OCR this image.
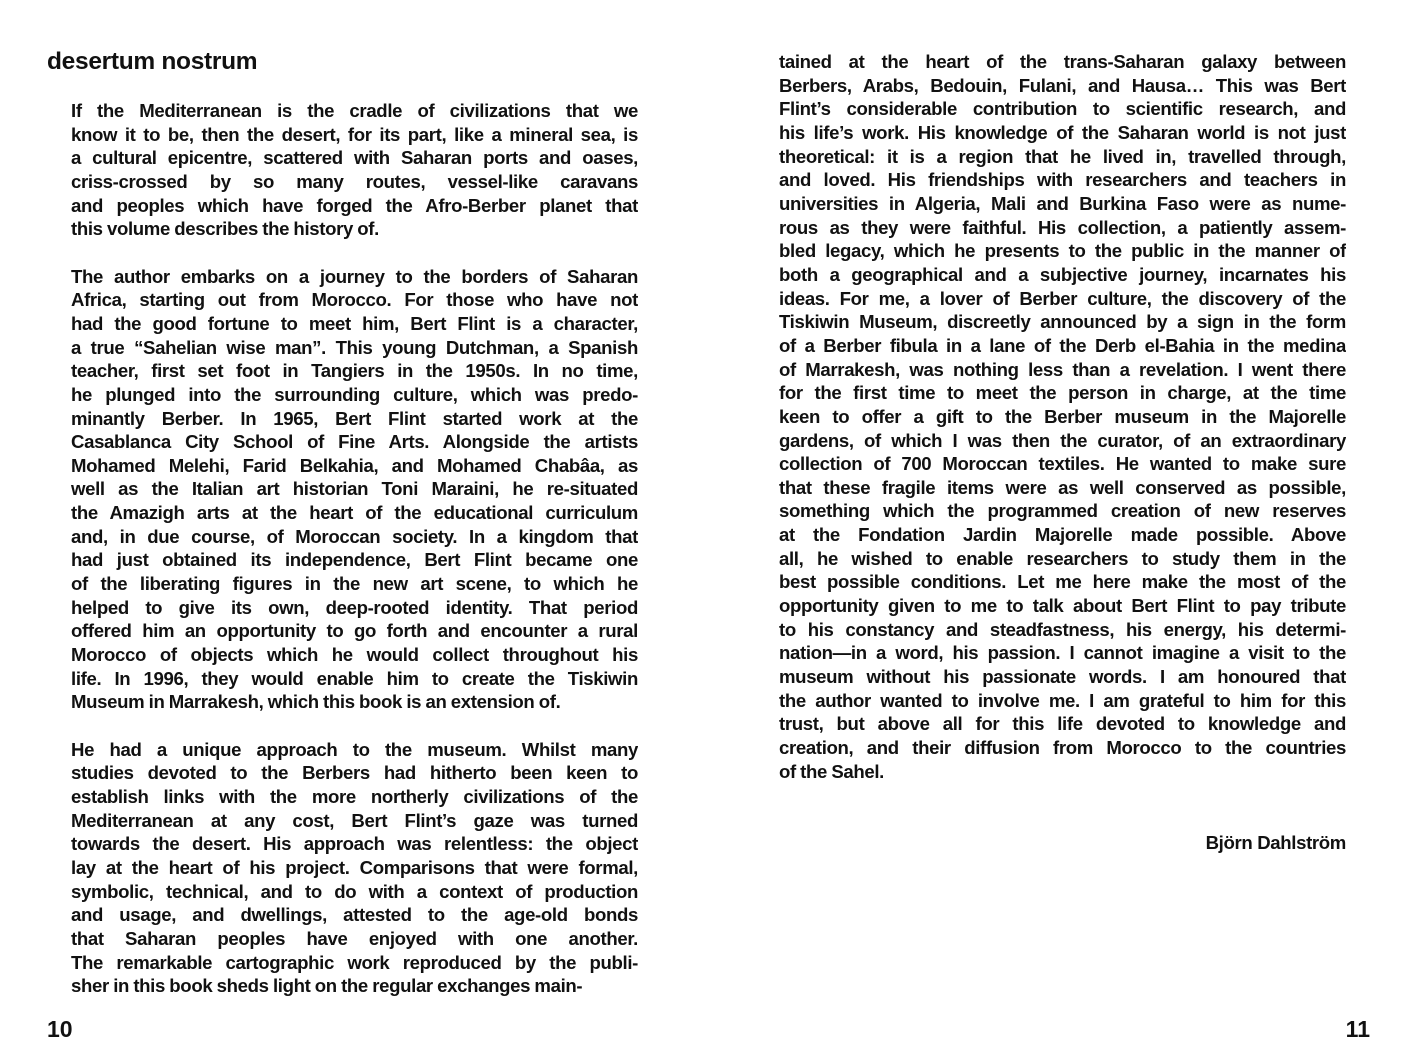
desertum nostrum

If the Mediterranean is the cradle of civilizations that we
know it to be, then the desert, for its part, like a mineral sea, is
a cultural epicentre, scattered with Saharan ports and oases,
criss-crossed by so many routes, vessel-like caravans
and peoples which have forged the Afro-Berber planet that
this volume describes the history of.

The author embarks on a journey to the borders of Saharan
Africa, starting out from Morocco. For those who have not
had the good fortune to meet him, Bert Flint is a character,
a true “Sahelian wise man”. This young Dutchman, a Spanish
teacher, first set foot in Tangiers in the 1950s. In no time,
he plunged into the surrounding culture, which was predo-
minantly Berber. In 1965, Bert Flint started work at the
Casablanca City School of Fine Arts. Alongside the artists
Mohamed Melehi, Farid Belkahia, and Mohamed Chabâa, as
well as the Italian art historian Toni Maraini, he re-situated
the Amazigh arts at the heart of the educational curriculum
and, in due course, of Moroccan society. In a kingdom that
had just obtained its independence, Bert Flint became one
of the liberating figures in the new art scene, to which he
helped to give its own, deep-rooted identity. That period
offered him an opportunity to go forth and encounter a rural
Morocco of objects which he would collect throughout his
life. In 1996, they would enable him to create the Tiskiwin
Museum in Marrakesh, which this book is an extension of.

He had a unique approach to the museum. Whilst many
studies devoted to the Berbers had hitherto been keen to
establish links with the more northerly civilizations of the
Mediterranean at any cost, Bert Flint’s gaze was turned
towards the desert. His approach was relentless: the object
lay at the heart of his project. Comparisons that were formal,
symbolic, technical, and to do with a context of production
and usage, and dwellings, attested to the age-old bonds
that Saharan peoples have enjoyed with one another.
The remarkable cartographic work reproduced by the publi-
sher in this book sheds light on the regular exchanges main-

10

tained at the heart of the trans-Saharan galaxy between
Berbers, Arabs, Bedouin, Fulani, and Hausa… This was Bert
Flint’s considerable contribution to scientific research, and
his life’s work. His knowledge of the Saharan world is not just
theoretical: it is a region that he lived in, travelled through,
and loved. His friendships with researchers and teachers in
universities in Algeria, Mali and Burkina Faso were as nume-
rous as they were faithful. His collection, a patiently assem-
bled legacy, which he presents to the public in the manner of
both a geographical and a subjective journey, incarnates his
ideas. For me, a lover of Berber culture, the discovery of the
Tiskiwin Museum, discreetly announced by a sign in the form
of a Berber fibula in a lane of the Derb el-Bahia in the medina
of Marrakesh, was nothing less than a revelation. I went there
for the first time to meet the person in charge, at the time
keen to offer a gift to the Berber museum in the Majorelle
gardens, of which I was then the curator, of an extraordinary
collection of 700 Moroccan textiles. He wanted to make sure
that these fragile items were as well conserved as possible,
something which the programmed creation of new reserves
at the Fondation Jardin Majorelle made possible. Above
all, he wished to enable researchers to study them in the
best possible conditions. Let me here make the most of the
opportunity given to me to talk about Bert Flint to pay tribute
to his constancy and steadfastness, his energy, his determi-
nation—in a word, his passion. I cannot imagine a visit to the
museum without his passionate words. I am honoured that
the author wanted to involve me. I am grateful to him for this
trust, but above all for this life devoted to knowledge and
creation, and their diffusion from Morocco to the countries
of the Sahel.

Björn Dahlström
11
